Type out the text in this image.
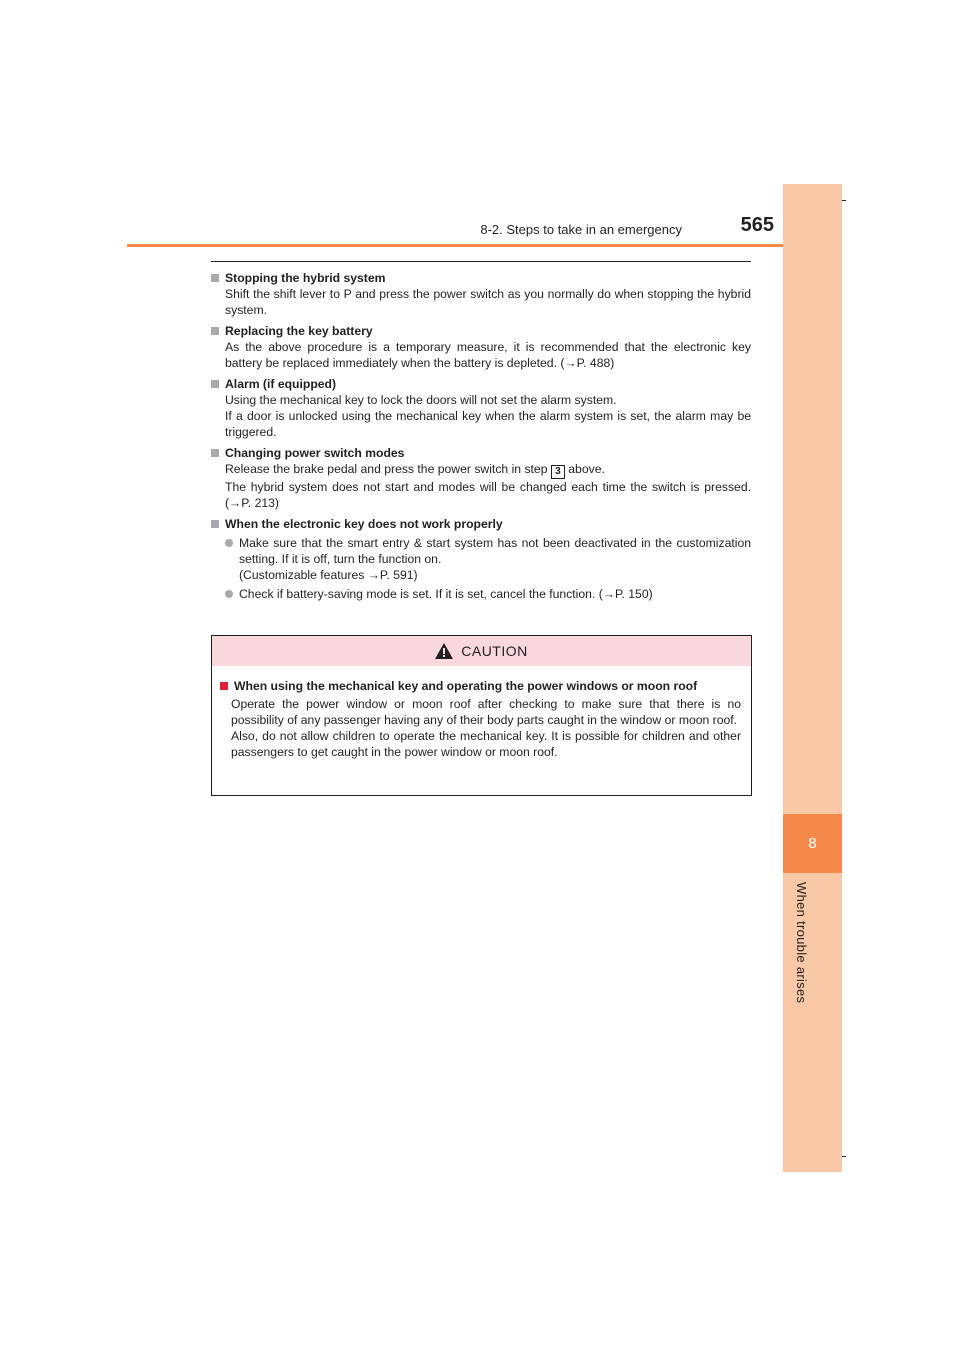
8-2. Steps to take in an emergency	565
8
When trouble arises
Stopping the hybrid system
Shift the shift lever to P and press the power switch as you normally do when stopping the hybrid system.
Replacing the key battery
As the above procedure is a temporary measure, it is recommended that the electronic key battery be replaced immediately when the battery is depleted. (→P. 488)
Alarm (if equipped)
Using the mechanical key to lock the doors will not set the alarm system.
If a door is unlocked using the mechanical key when the alarm system is set, the alarm may be triggered.
Changing power switch modes
Release the brake pedal and press the power switch in step 3 above.
The hybrid system does not start and modes will be changed each time the switch is pressed. (→P. 213)
When the electronic key does not work properly
Make sure that the smart entry & start system has not been deactivated in the customization setting. If it is off, turn the function on.
(Customizable features →P. 591)
Check if battery-saving mode is set. If it is set, cancel the function. (→P. 150)
CAUTION
When using the mechanical key and operating the power windows or moon roof
Operate the power window or moon roof after checking to make sure that there is no possibility of any passenger having any of their body parts caught in the window or moon roof.
Also, do not allow children to operate the mechanical key. It is possible for children and other passengers to get caught in the power window or moon roof.
